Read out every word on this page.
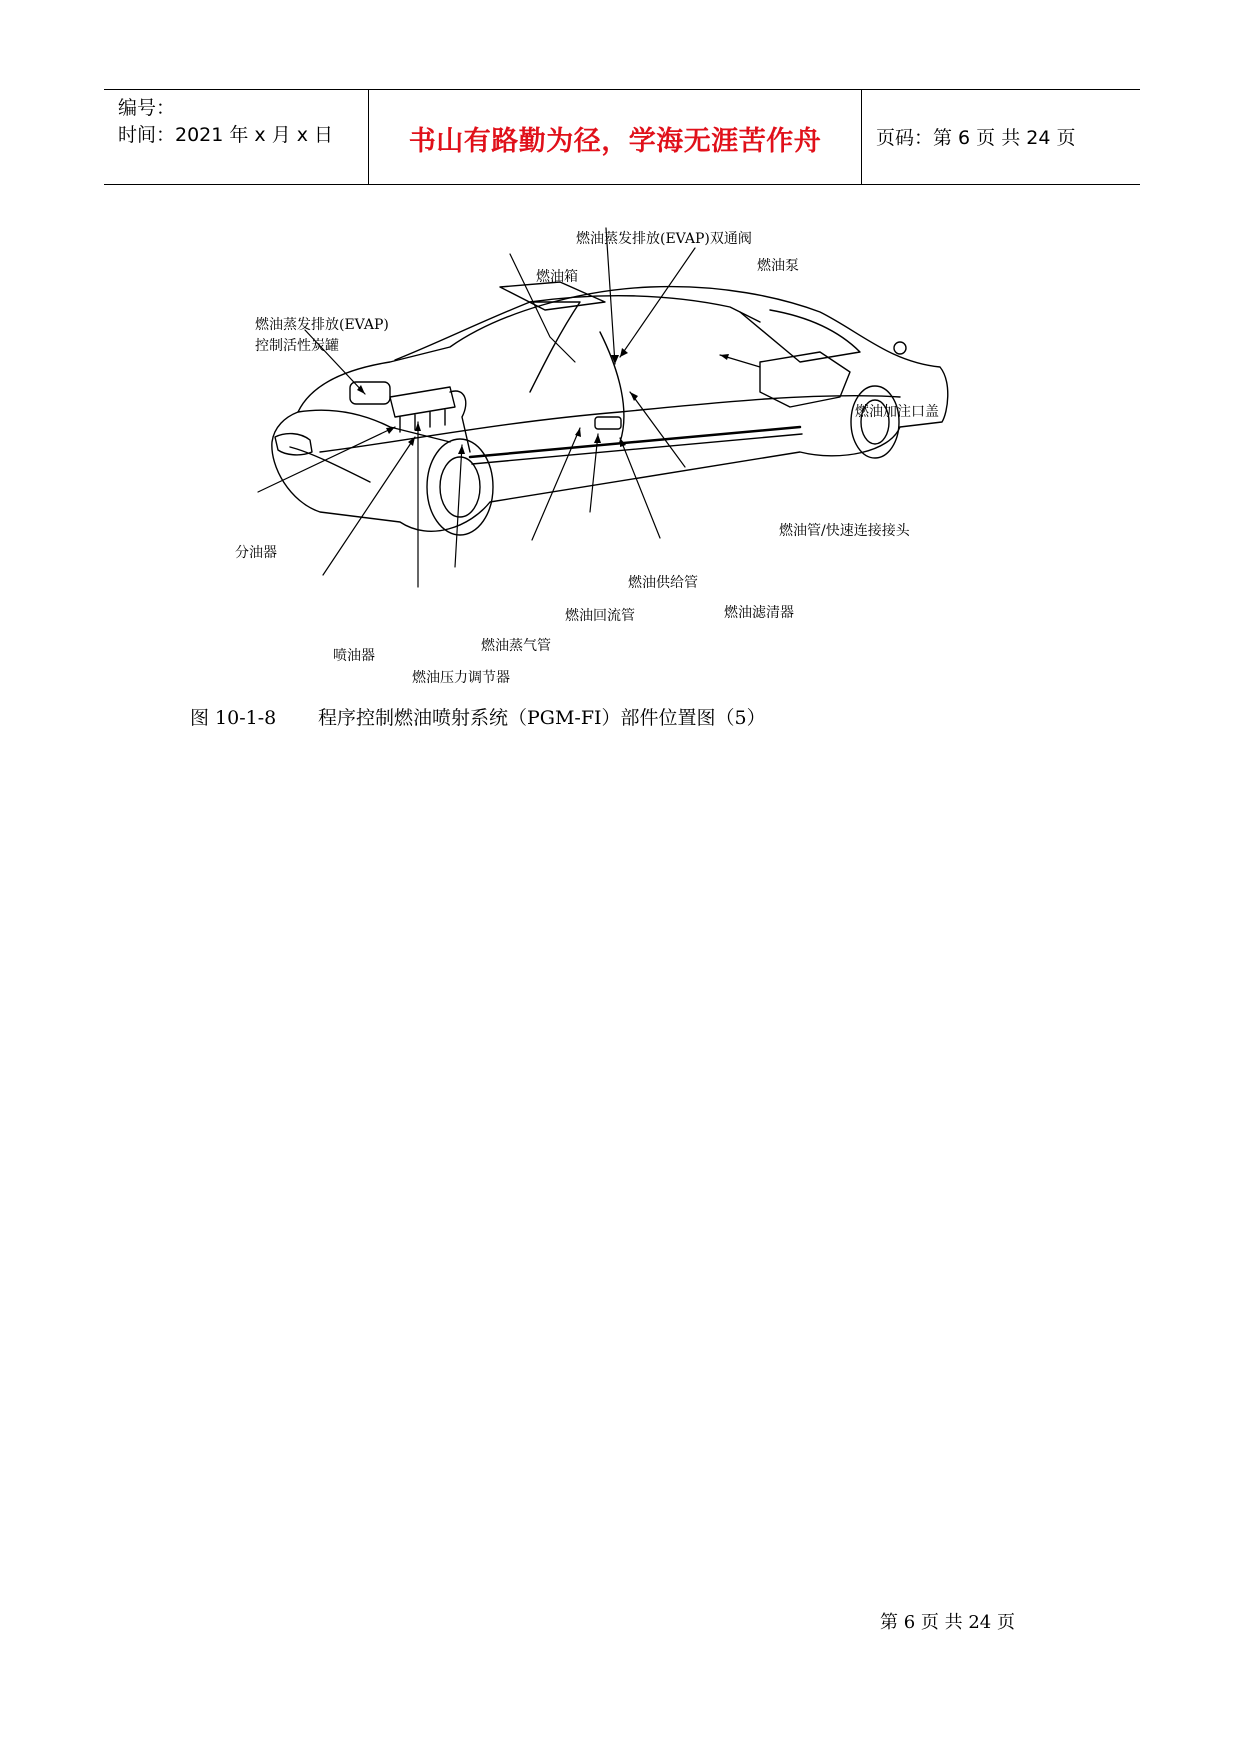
编号：
时间：2021 年 x 月 x 日	书山有路勤为径，学海无涯苦作舟	页码：第 6 页 共 24 页
燃油蒸发排放(EVAP)双通阀
燃油箱
燃油泵
燃油蒸发排放(EVAP)
控制活性炭罐
燃油加注口盖
燃油管/快速连接接头
分油器
燃油供给管
燃油回流管	燃油滤清器
喷油器
燃油蒸气管
燃油压力调节器
图 10-1-8 程序控制燃油喷射系统（PGM-FI）部件位置图（5）
第 6 页 共 24 页
